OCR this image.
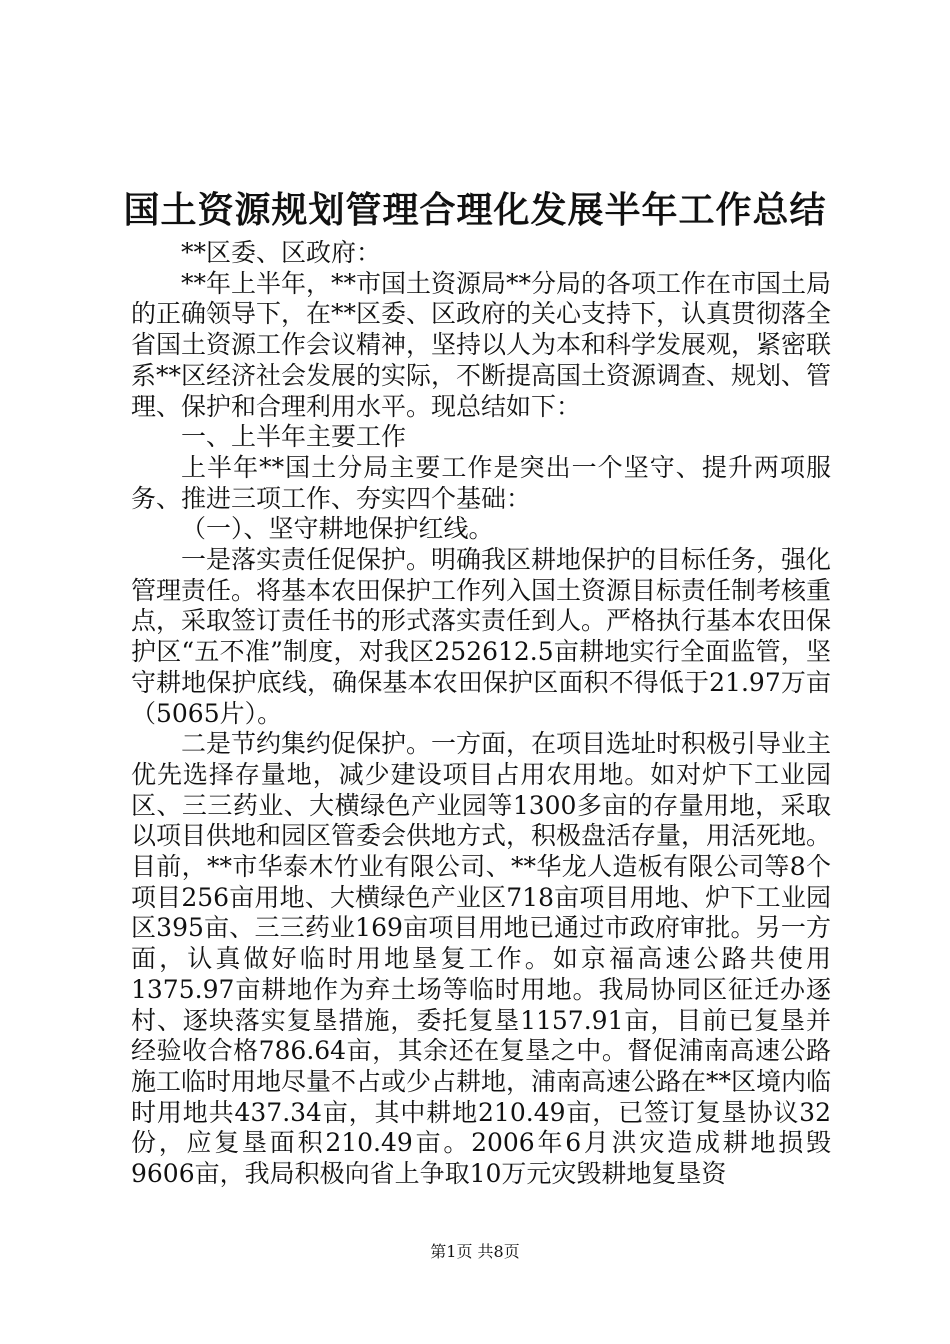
国土资源规划管理合理化发展半年工作总结

**区委、区政府：

**年上半年，**市国土资源局**分局的各项工作在市国土局的正确领导下，在**区委、区政府的关心支持下，认真贯彻落全省国土资源工作会议精神，坚持以人为本和科学发展观，紧密联系**区经济社会发展的实际，不断提高国土资源调查、规划、管理、保护和合理利用水平。现总结如下：

一、上半年主要工作

上半年**国土分局主要工作是突出一个坚守、提升两项服务、推进三项工作、夯实四个基础：

（一）、坚守耕地保护红线。

一是落实责任促保护。明确我区耕地保护的目标任务，强化管理责任。将基本农田保护工作列入国土资源目标责任制考核重点，采取签订责任书的形式落实责任到人。严格执行基本农田保护区“五不准”制度，对我区252612.5亩耕地实行全面监管，坚守耕地保护底线，确保基本农田保护区面积不得低于21.97万亩（5065片）。

二是节约集约促保护。一方面，在项目选址时积极引导业主优先选择存量地，减少建设项目占用农用地。如对炉下工业园区、三三药业、大横绿色产业园等1300多亩的存量用地，采取以项目供地和园区管委会供地方式，积极盘活存量，用活死地。目前，**市华泰木竹业有限公司、**华龙人造板有限公司等8个项目256亩用地、大横绿色产业区718亩项目用地、炉下工业园区395亩、三三药业169亩项目用地已通过市政府审批。另一方面，认真做好临时用地垦复工作。如京福高速公路共使用1375.97亩耕地作为弃土场等临时用地。我局协同区征迁办逐村、逐块落实复垦措施，委托复垦1157.91亩，目前已复垦并经验收合格786.64亩，其余还在复垦之中。督促浦南高速公路施工临时用地尽量不占或少占耕地，浦南高速公路在**区境内临时用地共437.34亩，其中耕地210.49亩，已签订复垦协议32份，应复垦面积210.49亩。2006年6月洪灾造成耕地损毁9606亩，我局积极向省上争取10万元灾毁耕地复垦资

第1页 共8页
